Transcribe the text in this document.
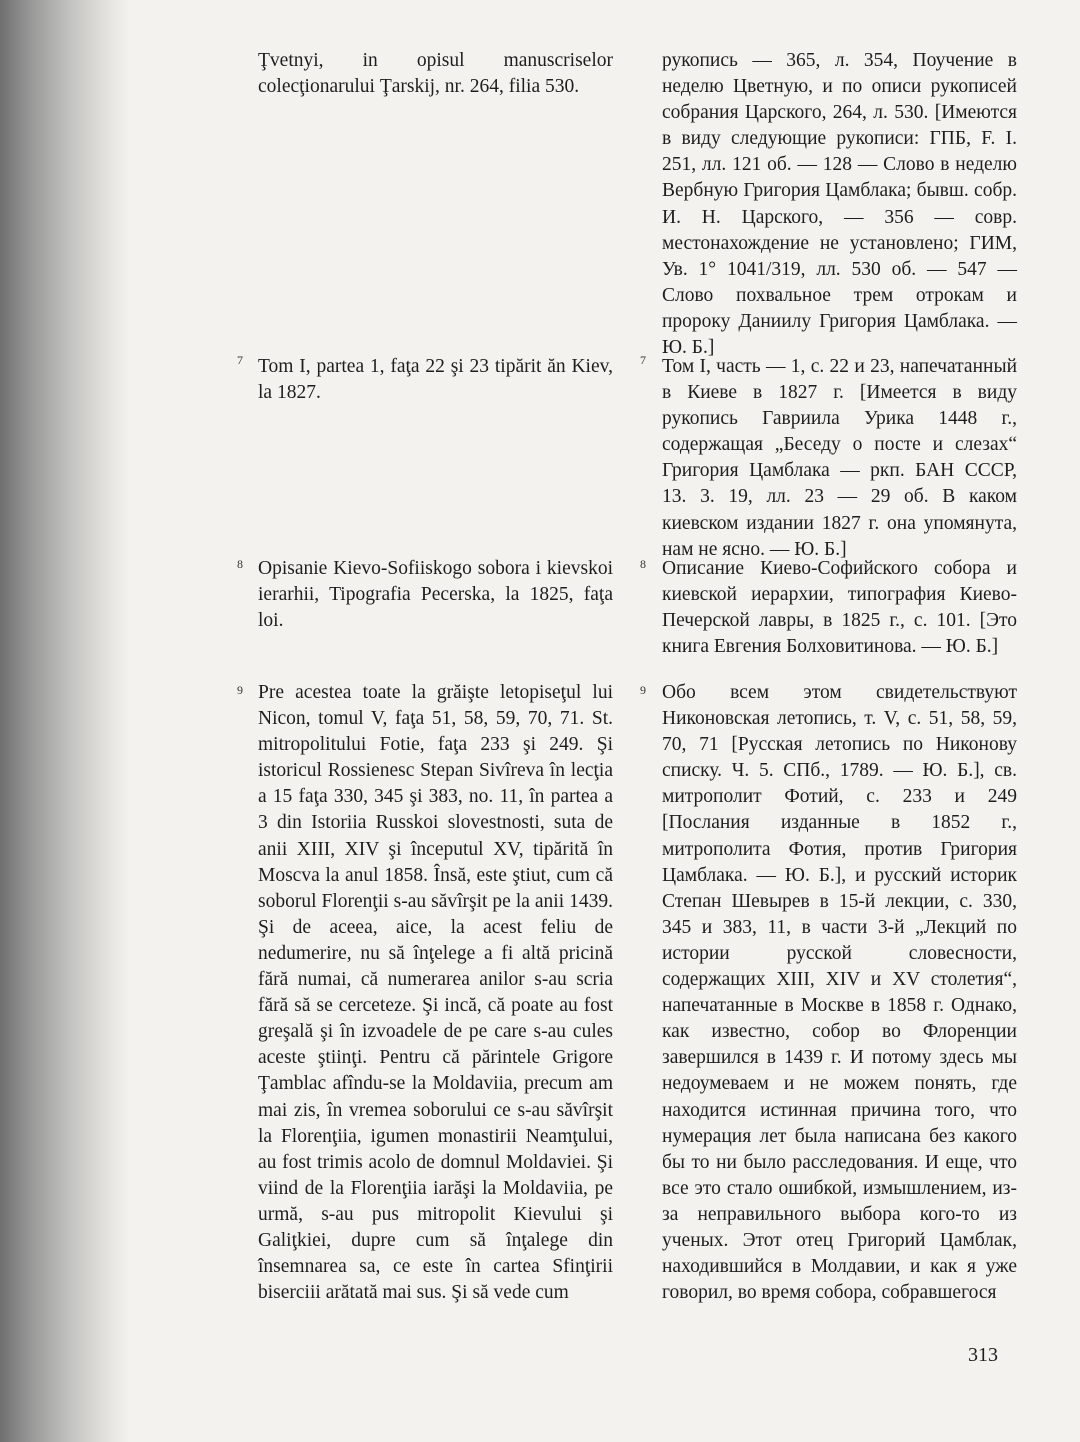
Ţvetnyi, in opisul manuscriselor colecţionarului Ţarskij, nr. 264, filia 530.
рукопись — 365, л. 354, Поучение в неделю Цветную, и по описи рукописей собрания Царского, 264, л. 530. [Имеются в виду следующие рукописи: ГПБ, F. I. 251, лл. 121 об. — 128 — Слово в неделю Вербную Григория Цамблака; бывш. собр. И. Н. Царского, — 356 — совр. местонахождение не установлено; ГИМ, Ув. 1° 1041/319, лл. 530 об. — 547 — Слово похвальное трем отрокам и пророку Даниилу Григория Цамблака. — Ю. Б.]
7 Tom I, partea 1, faţa 22 şi 23 tipărit ăn Kiev, la 1827.
7 Том I, часть — 1, с. 22 и 23, напечатанный в Киеве в 1827 г. [Имеется в виду рукопись Гавриила Урика 1448 г., содержащая „Беседу о посте и слезах“ Григория Цамблака — ркп. БАН СССР, 13. 3. 19, лл. 23 — 29 об. В каком киевском издании 1827 г. она упомянута, нам не ясно. — Ю. Б.]
8 Opisanie Kievo-Sofiiskogo sobora i kievskoi ierarhii, Tipografia Pecerska, la 1825, faţa loi.
8 Описание Киево-Софийского собора и киевской иерархии, типография Киево-Печерской лавры, в 1825 г., с. 101. [Это книга Евгения Болховитинова. — Ю. Б.]
9 Pre acestea toate la grăişte letopiseţul lui Nicon, tomul V, faţa 51, 58, 59, 70, 71. St. mitropolitului Fotie, faţa 233 şi 249. Şi istoricul Rossienesc Stepan Sivîreva în lecţia a 15 faţa 330, 345 şi 383, no. 11, în partea a 3 din Istoriia Russkoi slovestnosti, suta de anii XIII, XIV şi începutul XV, tipărită în Moscva la anul 1858. Însă, este ştiut, cum că soborul Florenţii s-au săvîrşit pe la anii 1439. Şi de aceea, aice, la acest feliu de nedumerire, nu să înţelege a fi altă pricină fără numai, că numerarea anilor s-au scria fără să se cerceteze. Şi incă, că poate au fost greşală şi în izvoadele de pe care s-au cules aceste ştiinţi. Pentru că părintele Grigore Ţamblac afîndu-se la Moldaviia, precum am mai zis, în vremea soborului ce s-au săvîrşit la Florenţiia, igumen monastirii Neamţului, au fost trimis acolo de domnul Moldaviei. Şi viind de la Florenţiia iarăşi la Moldaviia, pe urmă, s-au pus mitropolit Kievului şi Galiţkiei, dupre cum să înţalege din însemnarea sa, ce este în cartea Sfinţirii biserciii arătată mai sus. Şi să vede cum
9 Обо всем этом свидетельствуют Никоновская летопись, т. V, с. 51, 58, 59, 70, 71 [Русская летопись по Никонову списку. Ч. 5. СПб., 1789. — Ю. Б.], св. митрополит Фотий, с. 233 и 249 [Послания изданные в 1852 г., митрополита Фотия, против Григория Цамблака. — Ю. Б.], и русский историк Степан Шевырев в 15-й лекции, с. 330, 345 и 383, 11, в части 3-й „Лекций по истории русской словесности, содержащих XIII, XIV и XV столетия“, напечатанные в Москве в 1858 г. Однако, как известно, собор во Флоренции завершился в 1439 г. И потому здесь мы недоумеваем и не можем понять, где находится истинная причина того, что нумерация лет была написана без какого бы то ни было расследования. И еще, что все это стало ошибкой, измышлением, из-за неправильного выбора кого-то из ученых. Этот отец Григорий Цамблак, находившийся в Молдавии, и как я уже говорил, во время собора, собравшегося
313
